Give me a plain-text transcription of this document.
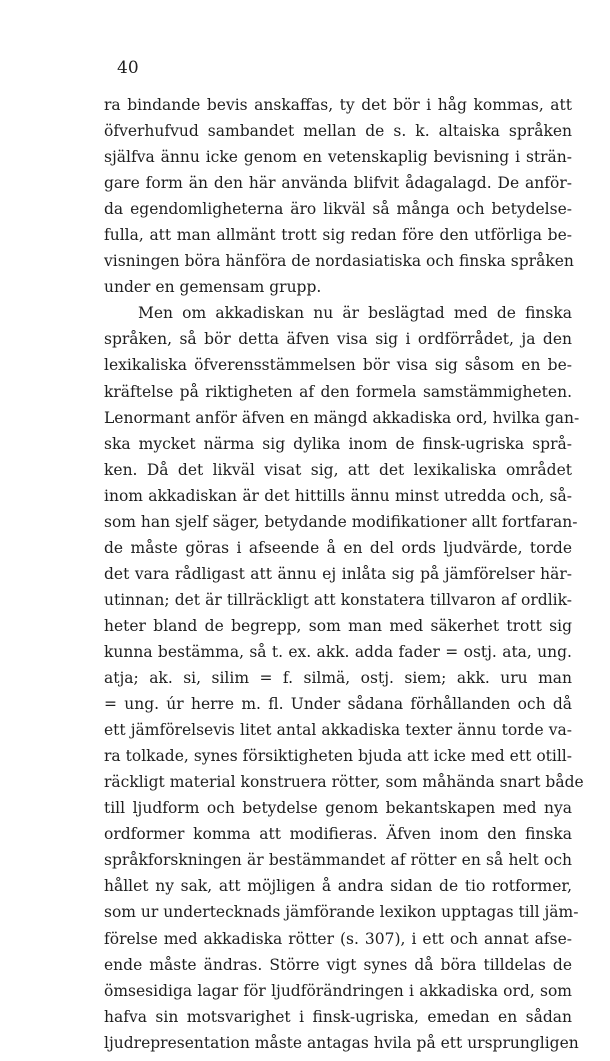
40

ra bindande bevis anskaffas, ty det bör i håg kommas, att
öfverhufvud sambandet mellan de s. k. altaiska språken
själfva ännu icke genom en vetenskaplig bevisning i strän-
gare form än den här använda blifvit ådagalagd. De anför-
da egendomligheterna äro likväl så många och betydelse-
fulla, att man allmänt trott sig redan före den utförliga be-
visningen böra hänföra de nordasiatiska och finska språken
under en gemensam grupp.
Men om akkadiskan nu är beslägtad med de finska
språken, så bör detta äfven visa sig i ordförrådet, ja den
lexikaliska öfverensstämmelsen bör visa sig såsom en be-
kräftelse på riktigheten af den formela samstämmigheten.
Lenormant anför äfven en mängd akkadiska ord, hvilka gan-
ska mycket närma sig dylika inom de finsk-ugriska språ-
ken. Då det likväl visat sig, att det lexikaliska området
inom akkadiskan är det hittills ännu minst utredda och, så-
som han sjelf säger, betydande modifikationer allt fortfaran-
de måste göras i afseende å en del ords ljudvärde, torde
det vara rådligast att ännu ej inlåta sig på jämförelser här-
utinnan; det är tillräckligt att konstatera tillvaron af ordlik-
heter bland de begrepp, som man med säkerhet trott sig
kunna bestämma, så t. ex. akk. adda fader = ostj. ata, ung.
atja; ak. si, silim = f. silmä, ostj. siem; akk. uru man
= ung. úr herre m. fl. Under sådana förhållanden och då
ett jämförelsevis litet antal akkadiska texter ännu torde va-
ra tolkade, synes försiktigheten bjuda att icke med ett otill-
räckligt material konstruera rötter, som måhända snart både
till ljudform och betydelse genom bekantskapen med nya
ordformer komma att modifieras. Äfven inom den finska
språkforskningen är bestämmandet af rötter en så helt och
hållet ny sak, att möjligen å andra sidan de tio rotformer,
som ur undertecknads jämförande lexikon upptagas till jäm-
förelse med akkadiska rötter (s. 307), i ett och annat afse-
ende måste ändras. Större vigt synes då böra tilldelas de
ömsesidiga lagar för ljudförändringen i akkadiska ord, som
hafva sin motsvarighet i finsk-ugriska, emedan en sådan
ljudrepresentation måste antagas hvila på ett ursprungligen
